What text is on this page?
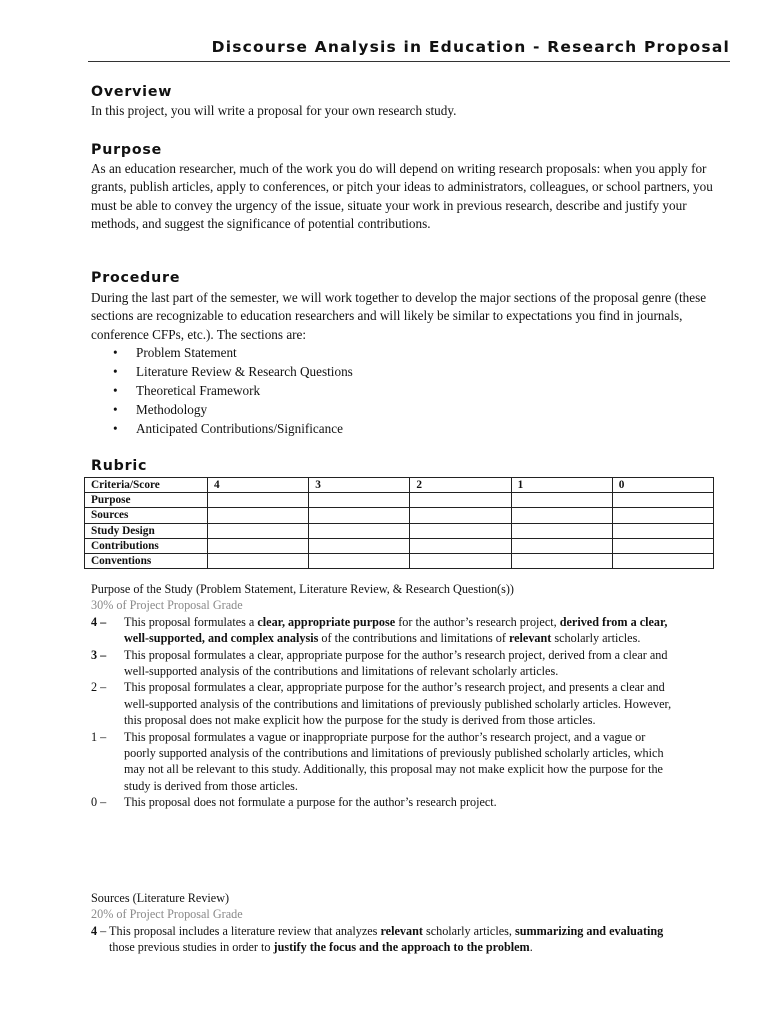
Discourse Analysis in Education - Research Proposal
Overview
In this project, you will write a proposal for your own research study.
Purpose
As an education researcher, much of the work you do will depend on writing research proposals: when you apply for grants, publish articles, apply to conferences, or pitch your ideas to administrators, colleagues, or school partners, you must be able to convey the urgency of the issue, situate your work in previous research, describe and justify your methods, and suggest the significance of potential contributions.
Procedure
During the last part of the semester, we will work together to develop the major sections of the proposal genre (these sections are recognizable to education researchers and will likely be similar to expectations you find in journals, conference CFPs, etc.). The sections are:
• Problem Statement
• Literature Review & Research Questions
• Theoretical Framework
• Methodology
• Anticipated Contributions/Significance
Rubric
Criteria/Score	4	3	2	1	0
Purpose					
Sources					
Study Design					
Contributions					
Conventions					
Purpose of the Study (Problem Statement, Literature Review, & Research Question(s))
30% of Project Proposal Grade
4 –	This proposal formulates a clear, appropriate purpose for the author’s research project, derived from a clear, well-supported, and complex analysis of the contributions and limitations of relevant scholarly articles.
3 –	This proposal formulates a clear, appropriate purpose for the author’s research project, derived from a clear and well-supported analysis of the contributions and limitations of relevant scholarly articles.
2 –	This proposal formulates a clear, appropriate purpose for the author’s research project, and presents a clear and well-supported analysis of the contributions and limitations of previously published scholarly articles. However, this proposal does not make explicit how the purpose for the study is derived from those articles.
1 –	This proposal formulates a vague or inappropriate purpose for the author’s research project, and a vague or poorly supported analysis of the contributions and limitations of previously published scholarly articles, which may not all be relevant to this study. Additionally, this proposal may not make explicit how the purpose for the study is derived from those articles.
0 –	This proposal does not formulate a purpose for the author’s research project.
Sources (Literature Review)
20% of Project Proposal Grade
4 – This proposal includes a literature review that analyzes relevant scholarly articles, summarizing and evaluating those previous studies in order to justify the focus and the approach to the problem.
